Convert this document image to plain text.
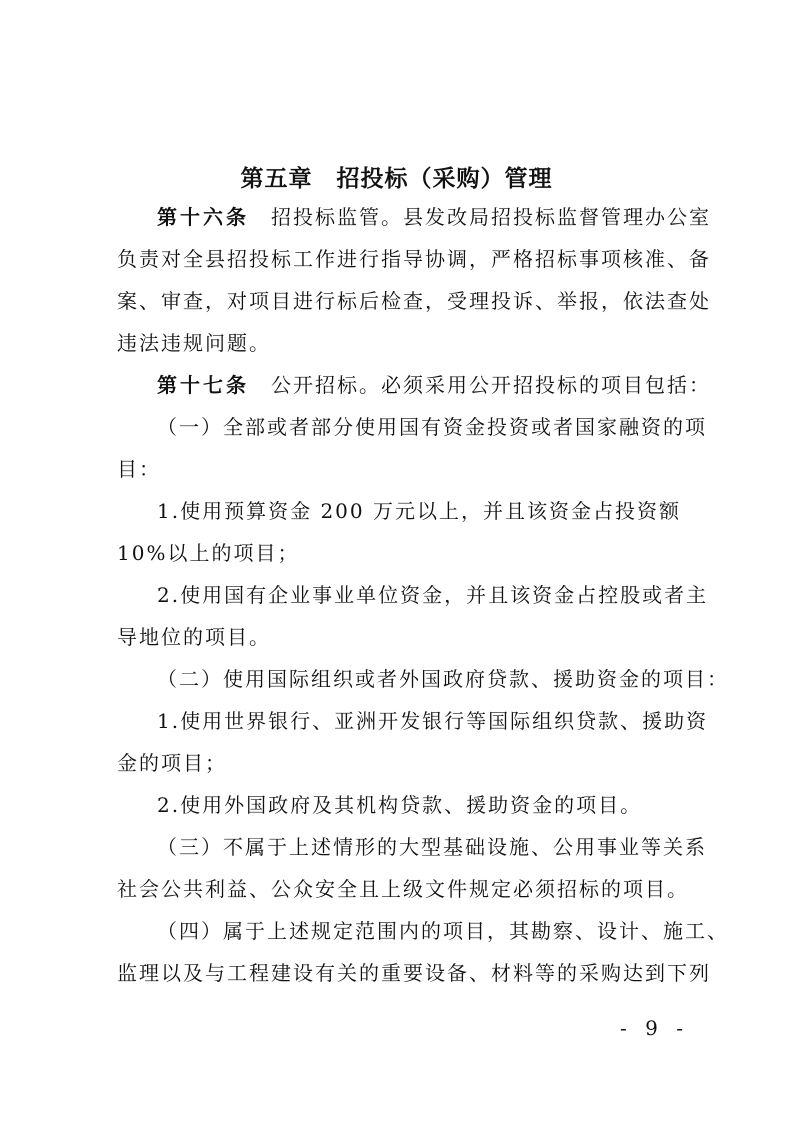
第五章　招投标（采购）管理
第十六条 招投标监管。县发改局招投标监督管理办公室
负责对全县招投标工作进行指导协调，严格招标事项核准、备
案、审查，对项目进行标后检查，受理投诉、举报，依法查处
违法违规问题。
第十七条 公开招标。必须采用公开招投标的项目包括：
（一）全部或者部分使用国有资金投资或者国家融资的项
目：
1.使用预算资金 200 万元以上，并且该资金占投资额
10%以上的项目；
2.使用国有企业事业单位资金，并且该资金占控股或者主
导地位的项目。
（二）使用国际组织或者外国政府贷款、援助资金的项目：
1.使用世界银行、亚洲开发银行等国际组织贷款、援助资
金的项目；
2.使用外国政府及其机构贷款、援助资金的项目。
（三）不属于上述情形的大型基础设施、公用事业等关系
社会公共利益、公众安全且上级文件规定必须招标的项目。
（四）属于上述规定范围内的项目，其勘察、设计、施工、
监理以及与工程建设有关的重要设备、材料等的采购达到下列
- 9 -
